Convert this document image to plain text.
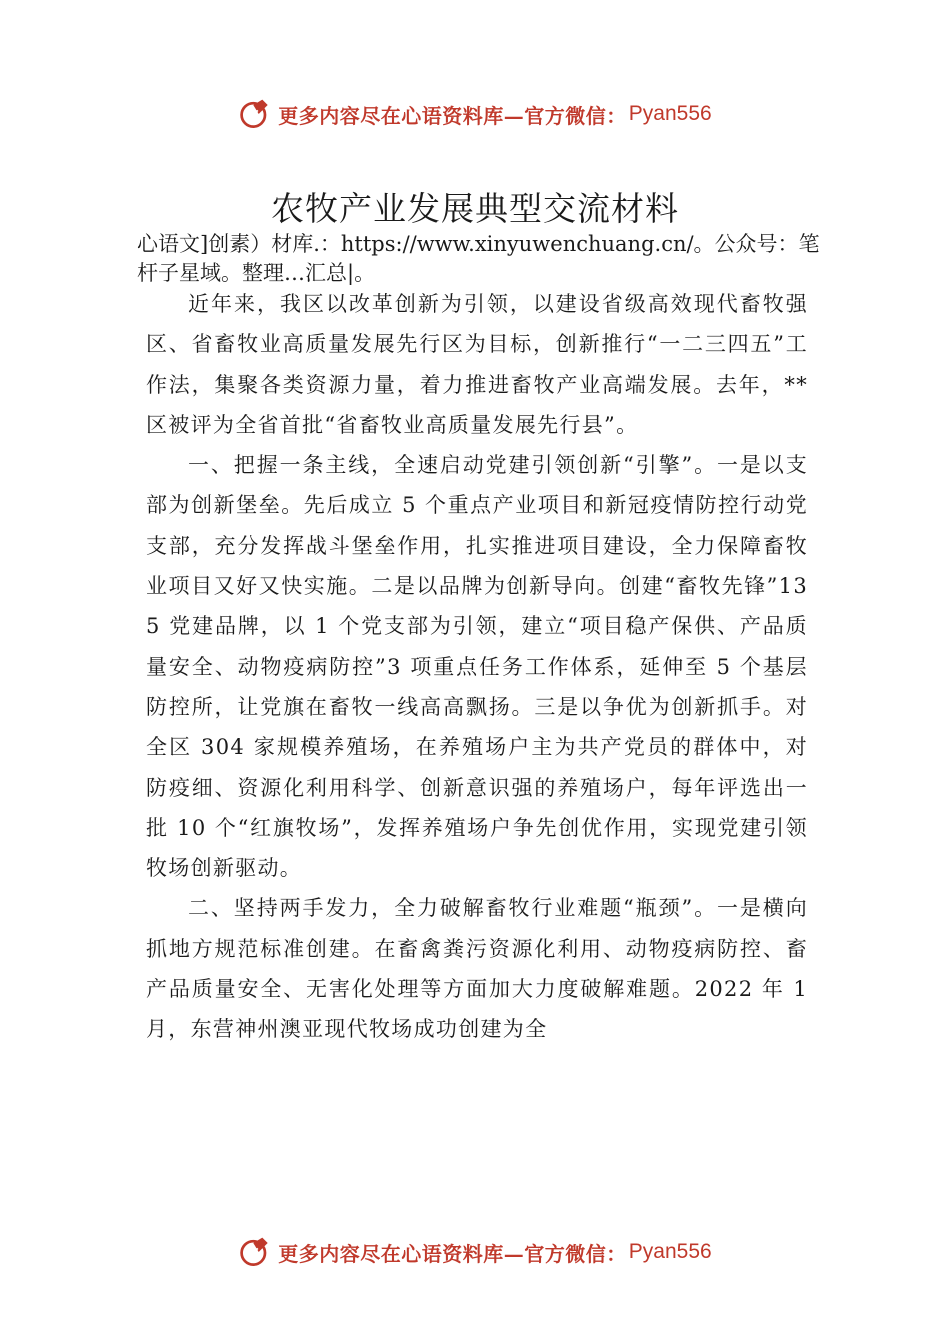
更多内容尽在心语资料库—官方微信： Pyan556
农牧产业发展典型交流材料

心语文]创素）材库.：https://www.xinyuwenchuang.cn/。公众号：笔杆子星域。整理…汇总|。

近年来，我区以改革创新为引领，以建设省级高效现代畜牧强区、省畜牧业高质量发展先行区为目标，创新推行“一二三四五”工作法，集聚各类资源力量，着力推进畜牧产业高端发展。去年，**区被评为全省首批“省畜牧业高质量发展先行县”。

一、把握一条主线，全速启动党建引领创新“引擎”。一是以支部为创新堡垒。先后成立 5 个重点产业项目和新冠疫情防控行动党支部，充分发挥战斗堡垒作用，扎实推进项目建设，全力保障畜牧业项目又好又快实施。二是以品牌为创新导向。创建“畜牧先锋”135 党建品牌，以 1 个党支部为引领，建立“项目稳产保供、产品质量安全、动物疫病防控”3 项重点任务工作体系，延伸至 5 个基层防控所，让党旗在畜牧一线高高飘扬。三是以争优为创新抓手。对全区 304 家规模养殖场，在养殖场户主为共产党员的群体中，对防疫细、资源化利用科学、创新意识强的养殖场户，每年评选出一批 10 个“红旗牧场”，发挥养殖场户争先创优作用，实现党建引领牧场创新驱动。

二、坚持两手发力，全力破解畜牧行业难题“瓶颈”。一是横向抓地方规范标准创建。在畜禽粪污资源化利用、动物疫病防控、畜产品质量安全、无害化处理等方面加大力度破解难题。2022 年 1 月，东营神州澳亚现代牧场成功创建为全

更多内容尽在心语资料库—官方微信： Pyan556
